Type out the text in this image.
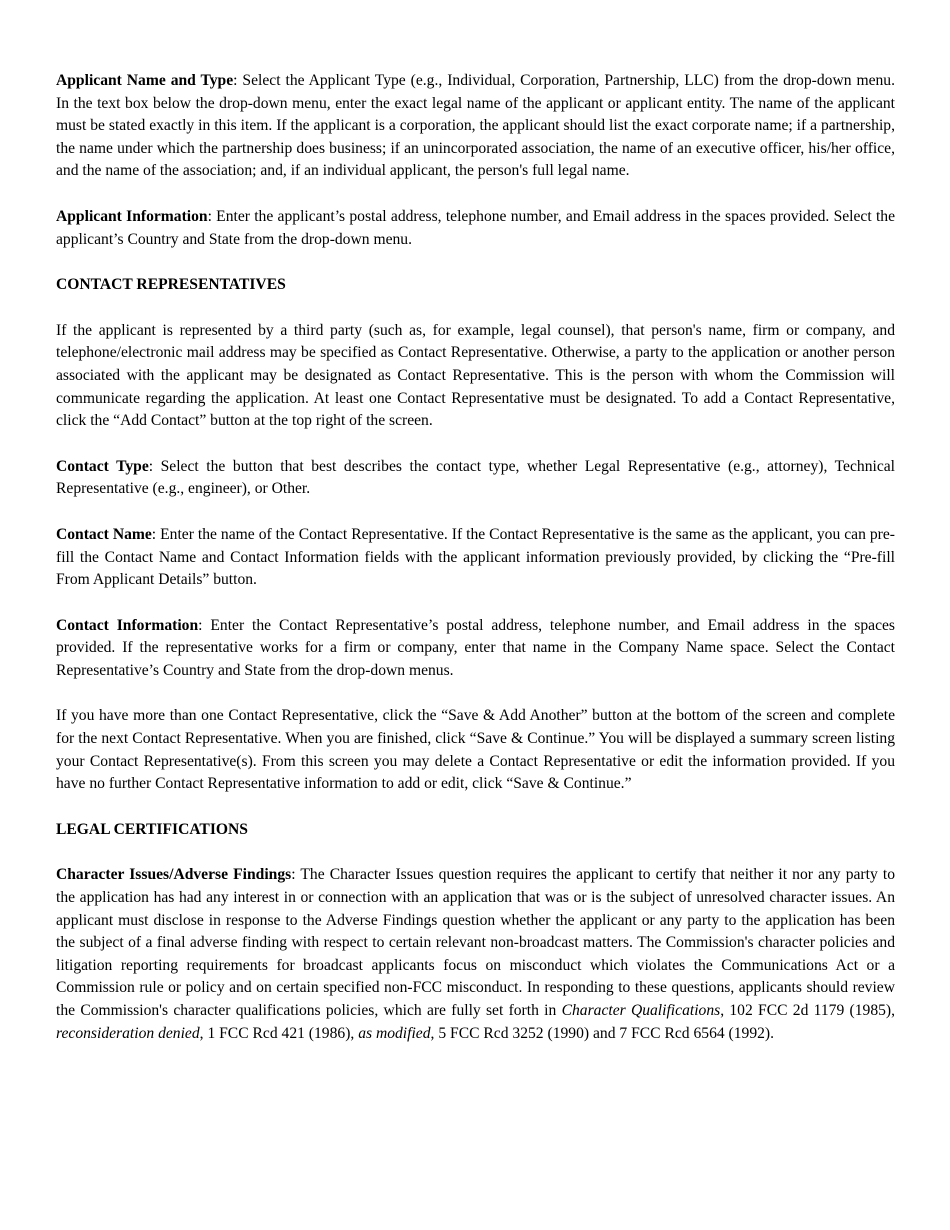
Applicant Name and Type: Select the Applicant Type (e.g., Individual, Corporation, Partnership, LLC) from the drop-down menu. In the text box below the drop-down menu, enter the exact legal name of the applicant or applicant entity. The name of the applicant must be stated exactly in this item. If the applicant is a corporation, the applicant should list the exact corporate name; if a partnership, the name under which the partnership does business; if an unincorporated association, the name of an executive officer, his/her office, and the name of the association; and, if an individual applicant, the person's full legal name.

Applicant Information: Enter the applicant’s postal address, telephone number, and Email address in the spaces provided. Select the applicant’s Country and State from the drop-down menu.

CONTACT REPRESENTATIVES

If the applicant is represented by a third party (such as, for example, legal counsel), that person's name, firm or company, and telephone/electronic mail address may be specified as Contact Representative. Otherwise, a party to the application or another person associated with the applicant may be designated as Contact Representative. This is the person with whom the Commission will communicate regarding the application. At least one Contact Representative must be designated. To add a Contact Representative, click the “Add Contact” button at the top right of the screen.

Contact Type: Select the button that best describes the contact type, whether Legal Representative (e.g., attorney), Technical Representative (e.g., engineer), or Other.

Contact Name: Enter the name of the Contact Representative. If the Contact Representative is the same as the applicant, you can pre-fill the Contact Name and Contact Information fields with the applicant information previously provided, by clicking the “Pre-fill From Applicant Details” button.

Contact Information: Enter the Contact Representative’s postal address, telephone number, and Email address in the spaces provided. If the representative works for a firm or company, enter that name in the Company Name space. Select the Contact Representative’s Country and State from the drop-down menus.

If you have more than one Contact Representative, click the “Save & Add Another” button at the bottom of the screen and complete for the next Contact Representative. When you are finished, click “Save & Continue.” You will be displayed a summary screen listing your Contact Representative(s). From this screen you may delete a Contact Representative or edit the information provided. If you have no further Contact Representative information to add or edit, click “Save & Continue.”

LEGAL CERTIFICATIONS

Character Issues/Adverse Findings: The Character Issues question requires the applicant to certify that neither it nor any party to the application has had any interest in or connection with an application that was or is the subject of unresolved character issues. An applicant must disclose in response to the Adverse Findings question whether the applicant or any party to the application has been the subject of a final adverse finding with respect to certain relevant non-broadcast matters. The Commission's character policies and litigation reporting requirements for broadcast applicants focus on misconduct which violates the Communications Act or a Commission rule or policy and on certain specified non-FCC misconduct. In responding to these questions, applicants should review the Commission's character qualifications policies, which are fully set forth in Character Qualifications, 102 FCC 2d 1179 (1985), reconsideration denied, 1 FCC Rcd 421 (1986), as modified, 5 FCC Rcd 3252 (1990) and 7 FCC Rcd 6564 (1992).
